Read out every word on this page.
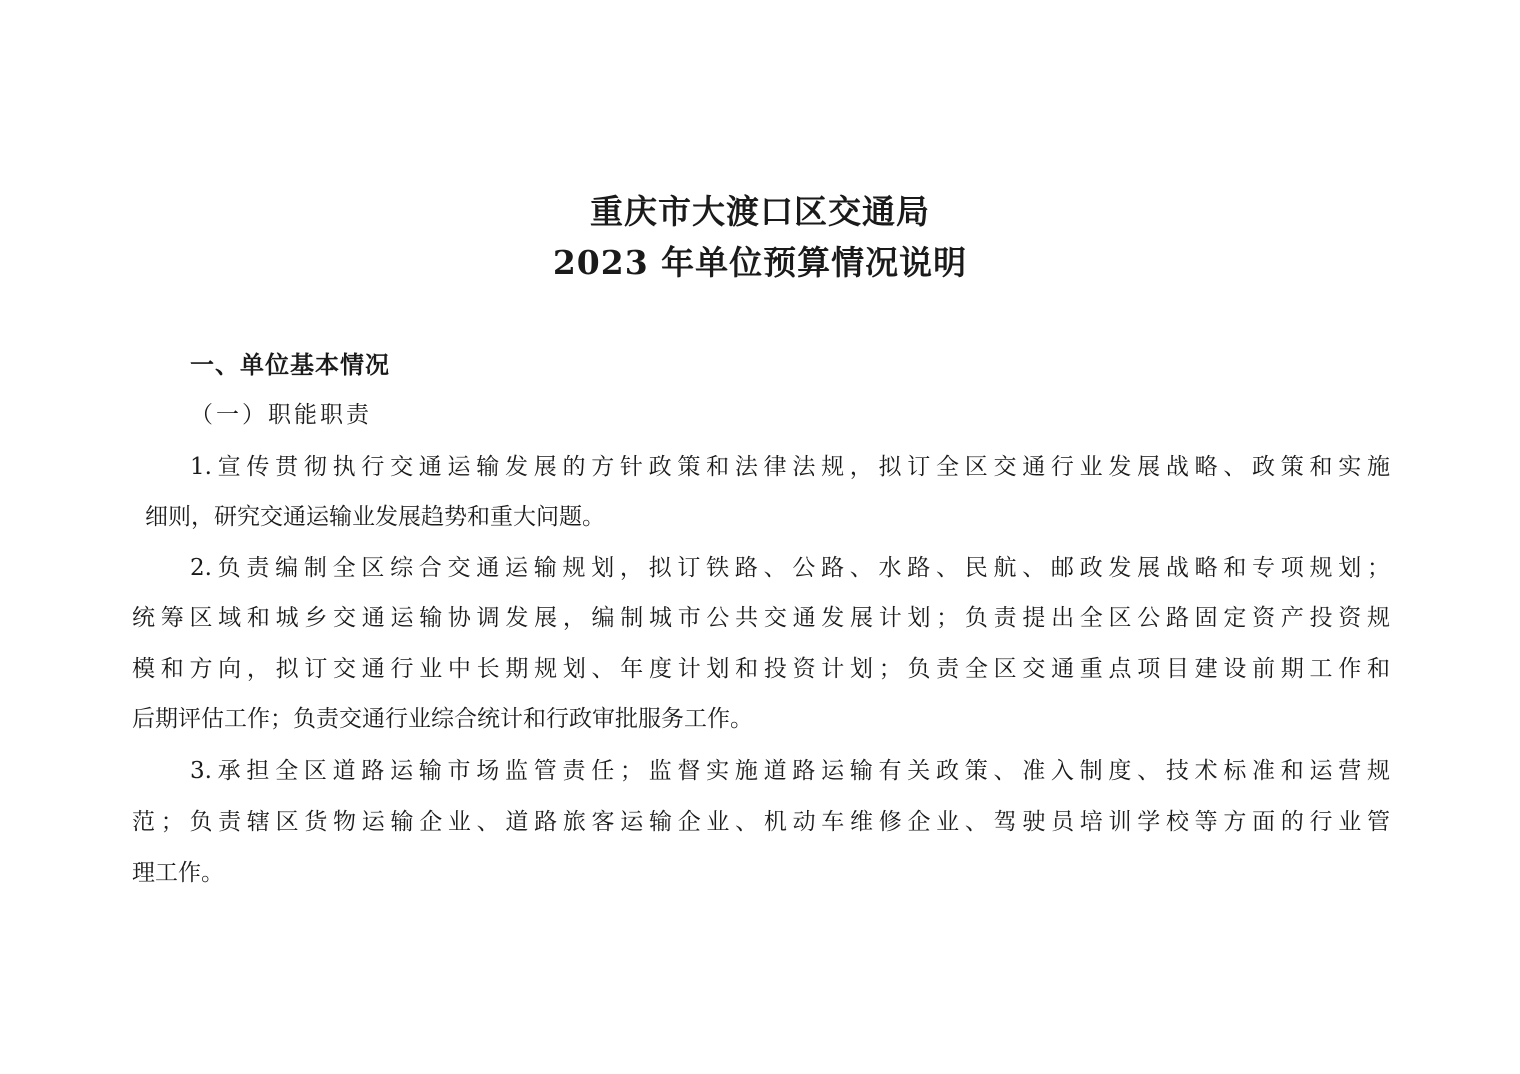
重庆市大渡口区交通局
2023 年单位预算情况说明
一、单位基本情况
（一）职能职责
1.宣传贯彻执行交通运输发展的方针政策和法律法规，拟订全区交通行业发展战略、政策和实施
细则，研究交通运输业发展趋势和重大问题。
2.负责编制全区综合交通运输规划，拟订铁路、公路、水路、民航、邮政发展战略和专项规划；
统筹区域和城乡交通运输协调发展，编制城市公共交通发展计划；负责提出全区公路固定资产投资规
模和方向，拟订交通行业中长期规划、年度计划和投资计划；负责全区交通重点项目建设前期工作和
后期评估工作；负责交通行业综合统计和行政审批服务工作。
3.承担全区道路运输市场监管责任；监督实施道路运输有关政策、准入制度、技术标准和运营规
范；负责辖区货物运输企业、道路旅客运输企业、机动车维修企业、驾驶员培训学校等方面的行业管
理工作。
